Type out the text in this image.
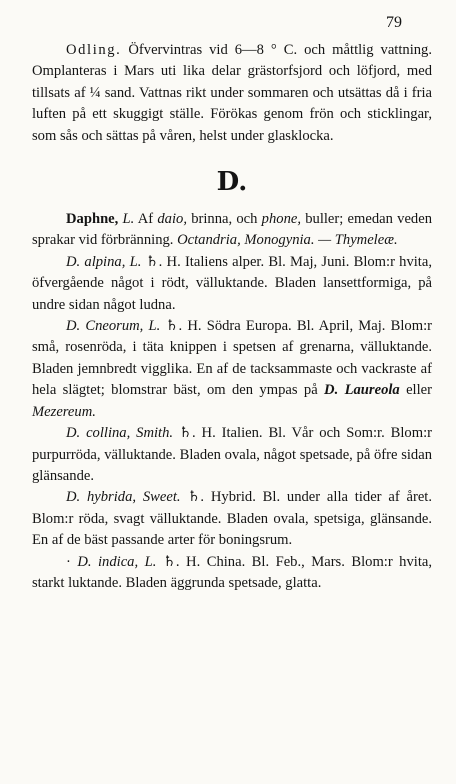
79

Odling. Öfvervintras vid 6—8 ° C. och måttlig vattning. Omplanteras i Mars uti lika delar grästorfsjord och löfjord, med tillsats af ¼ sand. Vattnas rikt under sommaren och utsättas då i fria luften på ett skuggigt ställe. Förökas genom frön och sticklingar, som sås och sättas på våren, helst under glasklocka.

D.

Daphne, L. Af daio, brinna, och phone, buller; emedan veden sprakar vid förbränning. Octandria, Monogynia. — Thymeleæ.

D. alpina, L. ♄. H. Italiens alper. Bl. Maj, Juni. Blom:r hvita, öfvergående något i rödt, välluktande. Bladen lansettformiga, på undre sidan något ludna.

D. Cneorum, L. ♄. H. Södra Europa. Bl. April, Maj. Blom:r små, rosenröda, i täta knippen i spetsen af grenarna, välluktande. Bladen jemnbredt vigglika. En af de tacksammaste och vackraste af hela slägtet; blomstrar bäst, om den ympas på D. Laureola eller Mezereum.

D. collina, Smith. ♄. H. Italien. Bl. Vår och Som:r. Blom:r purpurröda, välluktande. Bladen ovala, något spetsade, på öfre sidan glänsande.

D. hybrida, Sweet. ♄. Hybrid. Bl. under alla tider af året. Blom:r röda, svagt välluktande. Bladen ovala, spetsiga, glänsande. En af de bäst passande arter för boningsrum.

· D. indica, L. ♄. H. China. Bl. Feb., Mars. Blom:r hvita, starkt luktande. Bladen äggrunda spetsade, glatta.
